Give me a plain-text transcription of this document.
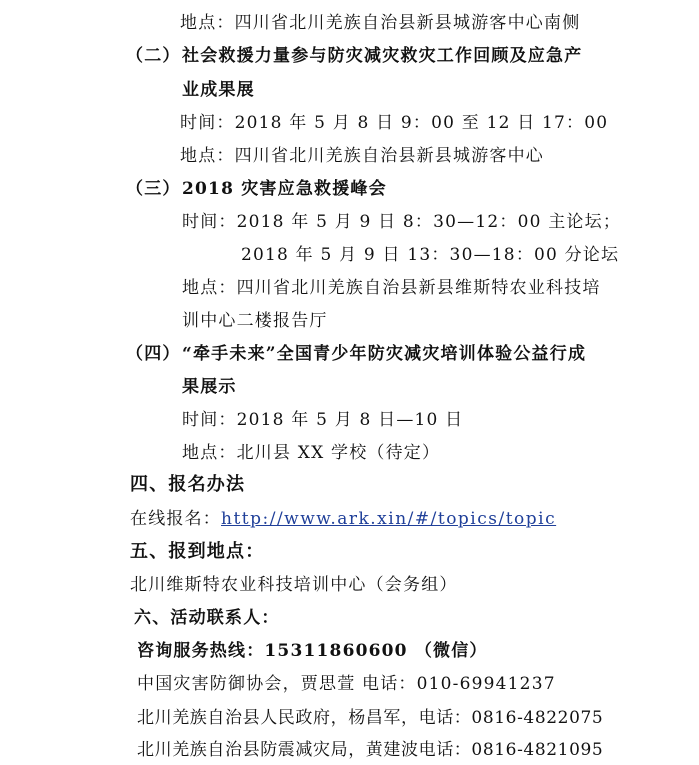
地点：四川省北川羌族自治县新县城游客中心南侧
（二） 社会救援力量参与防灾减灾救灾工作回顾及应急产
业成果展
时间：2018 年 5 月 8 日 9：00 至 12 日 17：00
地点：四川省北川羌族自治县新县城游客中心
（三） 2018 灾害应急救援峰会
时间：2018 年 5 月 9 日 8：30—12：00 主论坛；
2018 年 5 月 9 日 13：30—18：00 分论坛
地点：四川省北川羌族自治县新县维斯特农业科技培
训中心二楼报告厅
（四） “牵手未来”全国青少年防灾减灾培训体验公益行成
果展示
时间：2018 年 5 月 8 日—10 日
地点：北川县 XX 学校（待定）
四、报名办法
在线报名：http://www.ark.xin/#/topics/topic
五、报到地点：
北川维斯特农业科技培训中心（会务组）
六、活动联系人：
咨询服务热线：15311860600 （微信）
中国灾害防御协会，贾思萱 电话：010-69941237
北川羌族自治县人民政府，杨昌军，电话：0816-4822075
北川羌族自治县防震减灾局，黄建波电话：0816-4821095
